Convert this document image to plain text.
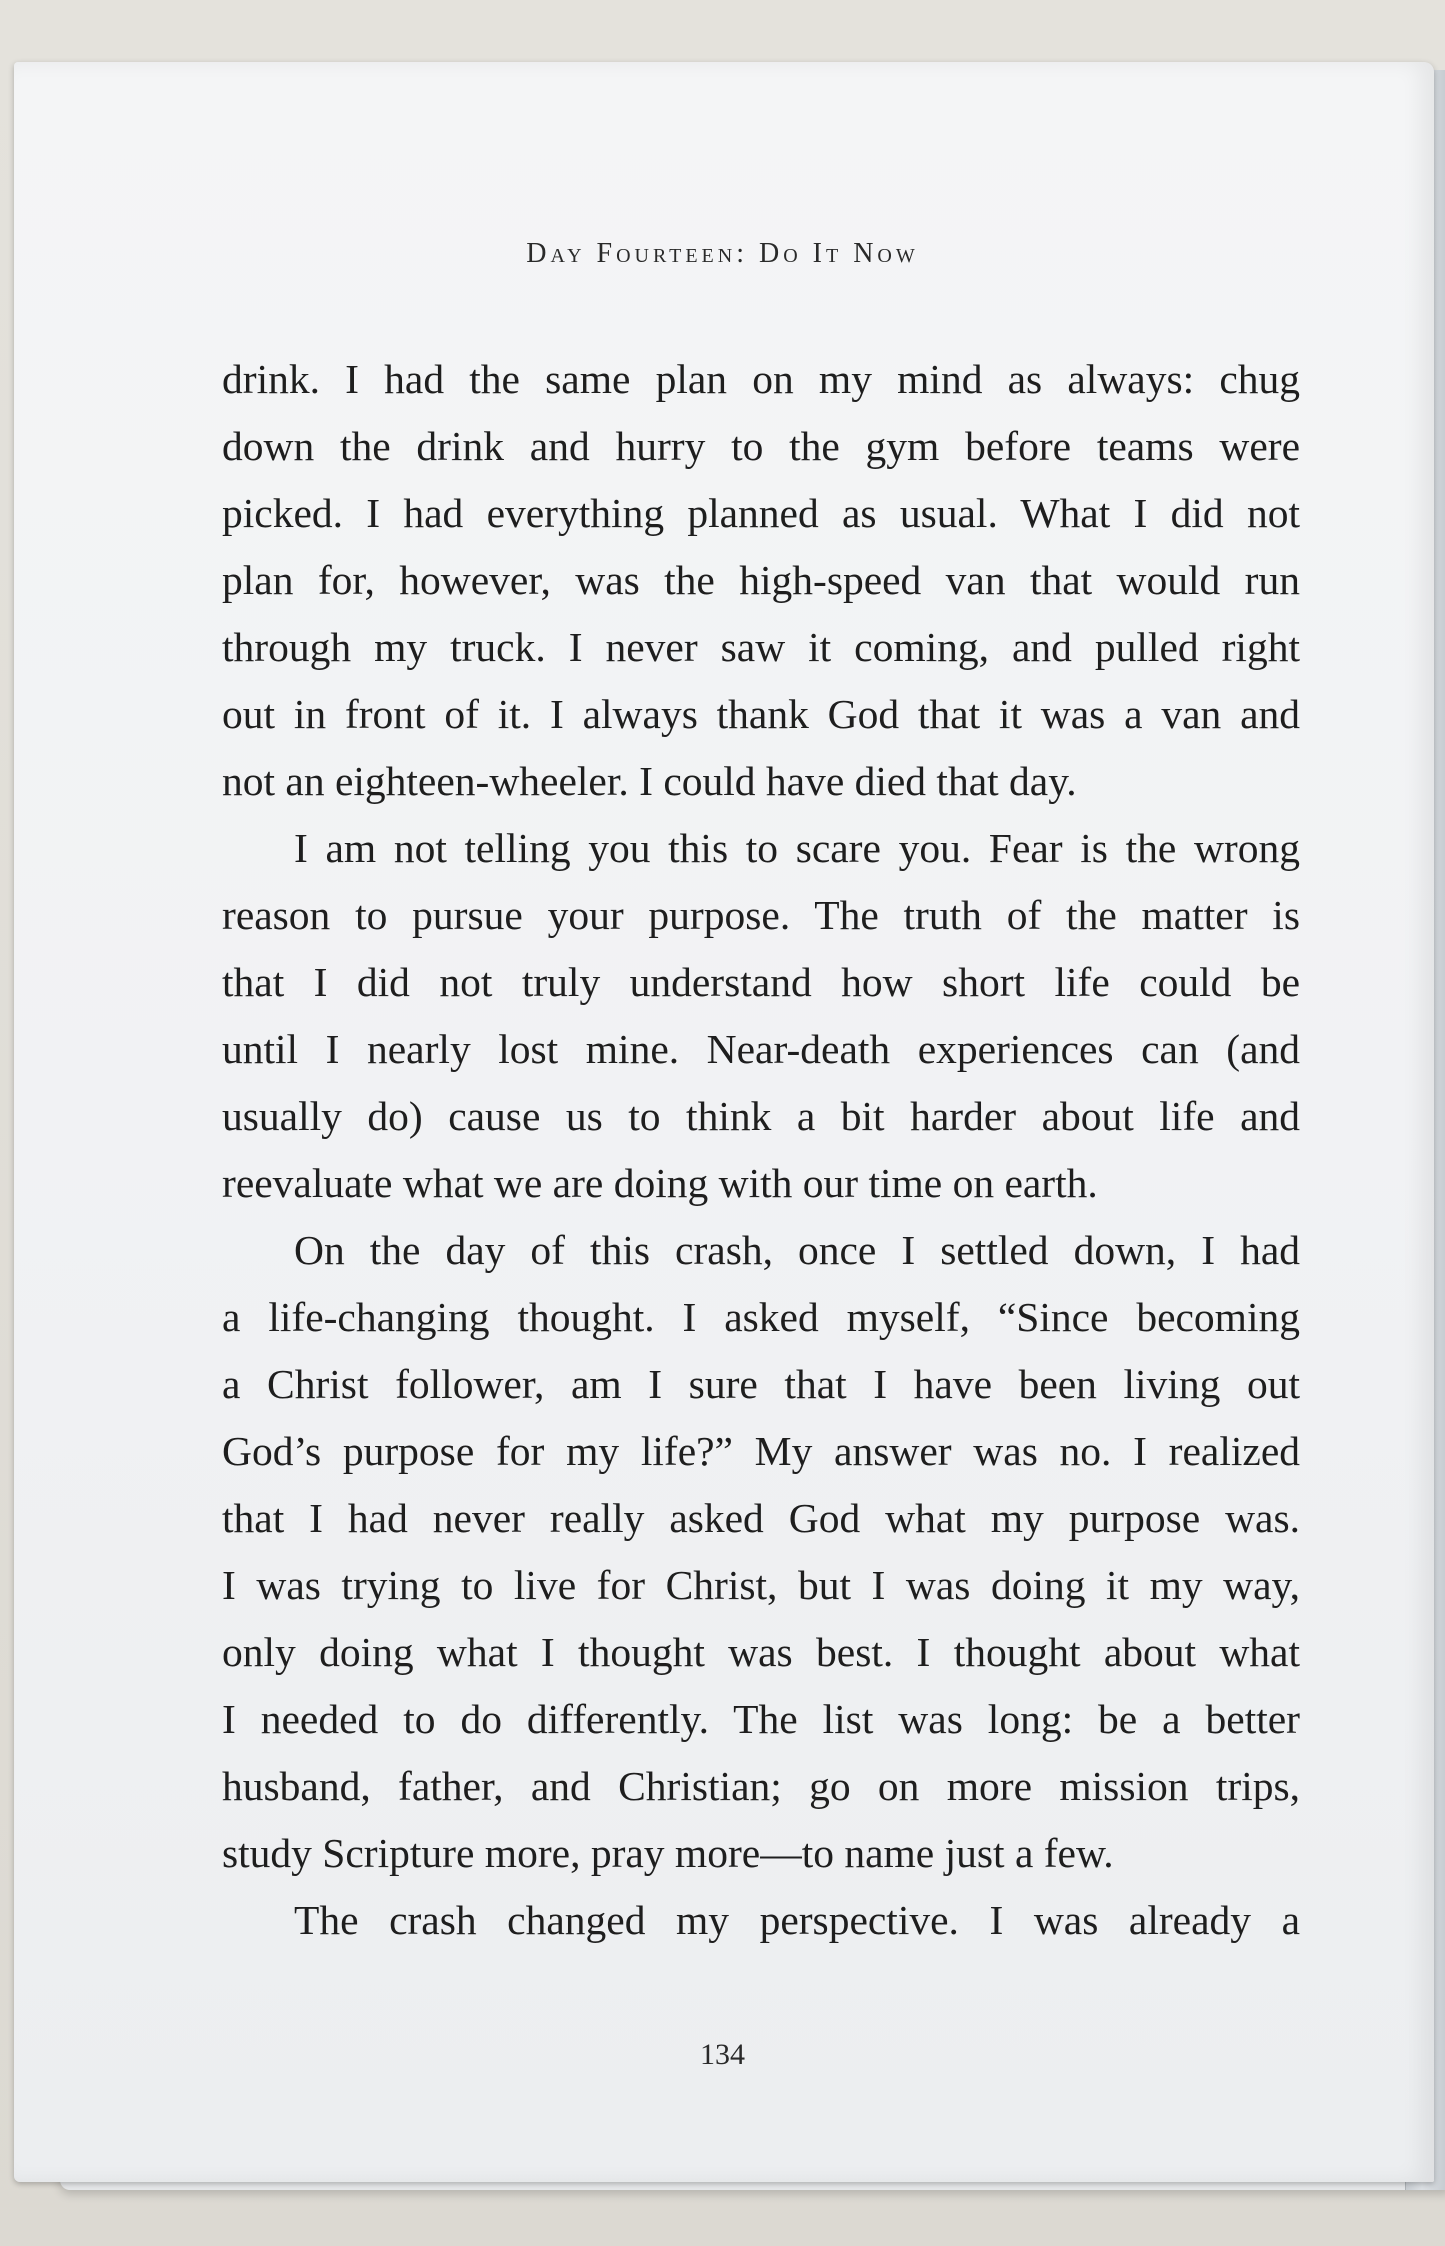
Day Fourteen: Do It Now
drink. I had the same plan on my mind as always: chug
down the drink and hurry to the gym before teams were
picked. I had everything planned as usual. What I did not
plan for, however, was the high-speed van that would run
through my truck. I never saw it coming, and pulled right
out in front of it. I always thank God that it was a van and
not an eighteen-wheeler. I could have died that day.
I am not telling you this to scare you. Fear is the wrong
reason to pursue your purpose. The truth of the matter is
that I did not truly understand how short life could be
until I nearly lost mine. Near-death experiences can (and
usually do) cause us to think a bit harder about life and
reevaluate what we are doing with our time on earth.
On the day of this crash, once I settled down, I had
a life-changing thought. I asked myself, “Since becoming
a Christ follower, am I sure that I have been living out
God’s purpose for my life?” My answer was no. I realized
that I had never really asked God what my purpose was.
I was trying to live for Christ, but I was doing it my way,
only doing what I thought was best. I thought about what
I needed to do differently. The list was long: be a better
husband, father, and Christian; go on more mission trips,
study Scripture more, pray more—to name just a few.
The crash changed my perspective. I was already a
134
